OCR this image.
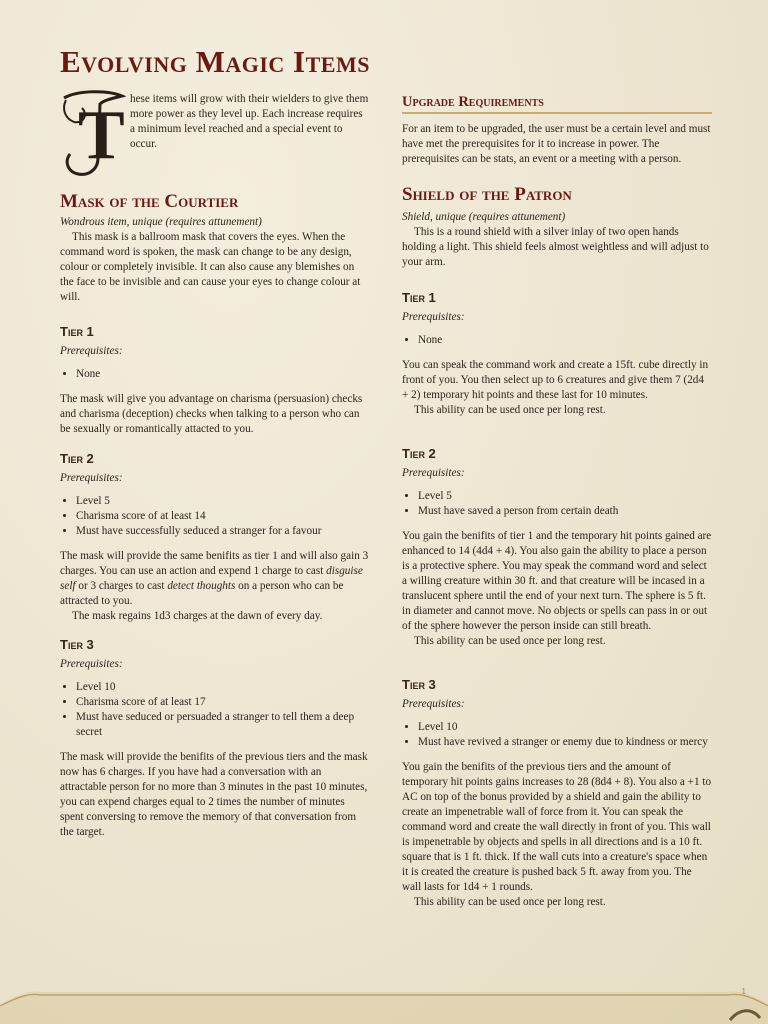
Evolving Magic Items
T hese items will grow with their wielders to give them more power as they level up. Each increase requires a minimum level reached and a special event to occur.

Mask of the Courtier

Wondrous item, unique (requires attunement)

This mask is a ballroom mask that covers the eyes. When the command word is spoken, the mask can change to be any design, colour or completely invisible. It can also cause any blemishes on the face to be invisible and can cause your eyes to change colour at will.

Tier 1

Prerequisites:

• None

The mask will give you advantage on charisma (persuasion) checks and charisma (deception) checks when talking to a person who can be sexually or romantically attacted to you.

Tier 2

Prerequisites:

• Level 5
• Charisma score of at least 14
• Must have successfully seduced a stranger for a favour

The mask will provide the same benifits as tier 1 and will also gain 3 charges. You can use an action and expend 1 charge to cast disguise self or 3 charges to cast detect thoughts on a person who can be attracted to you.

The mask regains 1d3 charges at the dawn of every day.

Tier 3

Prerequisites:

• Level 10
• Charisma score of at least 17
• Must have seduced or persuaded a stranger to tell them a deep secret

The mask will provide the benifits of the previous tiers and the mask now has 6 charges. If you have had a conversation with an attractable person for no more than 3 minutes in the past 10 minutes, you can expend charges equal to 2 times the number of minutes spent conversing to remove the memory of that conversation from the target.

Upgrade Requirements

For an item to be upgraded, the user must be a certain level and must have met the prerequisites for it to increase in power. The prerequisites can be stats, an event or a meeting with a person.

Shield of the Patron

Shield, unique (requires attunement)

This is a round shield with a silver inlay of two open hands holding a light. This shield feels almost weightless and will adjust to your arm.

Tier 1

Prerequisites:

• None

You can speak the command work and create a 15ft. cube directly in front of you. You then select up to 6 creatures and give them 7 (2d4 + 2) temporary hit points and these last for 10 minutes.

This ability can be used once per long rest.

Tier 2

Prerequisites:

• Level 5
• Must have saved a person from certain death

You gain the benifits of tier 1 and the temporary hit points gained are enhanced to 14 (4d4 + 4). You also gain the ability to place a person is a protective sphere. You may speak the command word and select a willing creature within 30 ft. and that creature will be incased in a translucent sphere until the end of your next turn. The sphere is 5 ft. in diameter and cannot move. No objects or spells can pass in or out of the sphere however the person inside can still breath.

This ability can be used once per long rest.

Tier 3

Prerequisites:

• Level 10
• Must have revived a stranger or enemy due to kindness or mercy

You gain the benifits of the previous tiers and the amount of temporary hit points gains increases to 28 (8d4 + 8). You also a +1 to AC on top of the bonus provided by a shield and gain the ability to create an impenetrable wall of force from it. You can speak the command word and create the wall directly in front of you. This wall is impenetrable by objects and spells in all directions and is a 10 ft. square that is 1 ft. thick. If the wall cuts into a creature's space when it is created the creature is pushed back 5 ft. away from you. The wall lasts for 1d4 + 1 rounds.

This ability can be used once per long rest.

1
